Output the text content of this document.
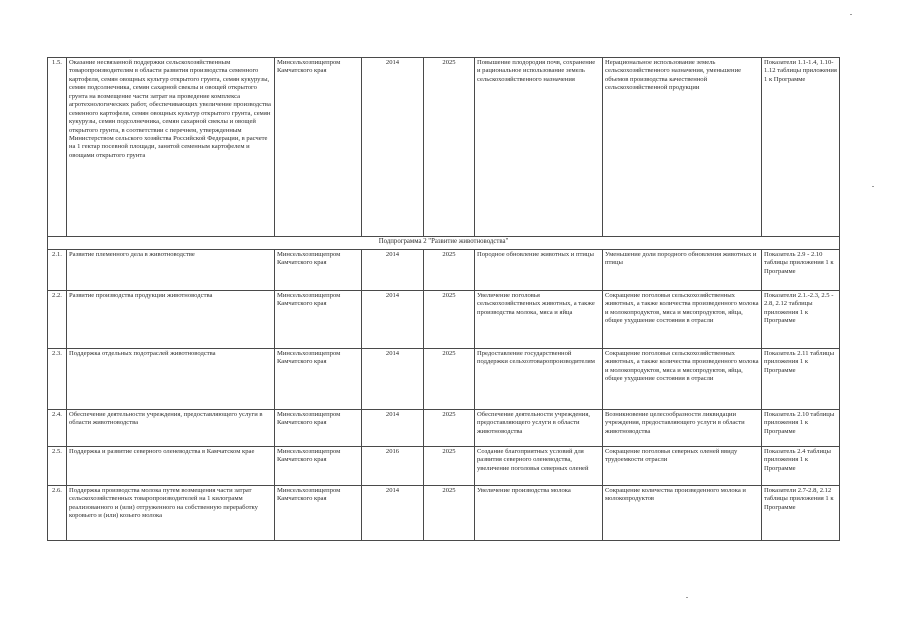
1.5.	Оказание несвязанной поддержки сельскохозяйственным товаропроизводителям в области развития производства семенного картофеля, семян овощных культур открытого грунта, семян кукурузы, семян подсолнечника, семян сахарной свеклы и овощей открытого грунта на возмещение части затрат на проведение комплекса агротехнологических работ, обеспечивающих увеличение производства семенного картофеля, семян овощных культур открытого грунта, семян кукурузы, семян подсолнечника, семян сахарной свеклы и овощей открытого грунта, в соответствии с перечнем, утвержденным Министерством сельского хозяйства Российской Федерации, в расчете на 1 гектар посевной площади, занятой семенным картофелем и овощами открытого грунта	Минсельхозпищепром Камчатского края	2014	2025	Повышение плодородия почв, сохранение и рациональное использование земель сельскохозяйственного назначения	Нерациональное использование земель сельскохозяйственного назначения, уменьшение объемов производства качественной сельскохозяйственной продукции	Показатели 1.1-1.4, 1.10-1.12 таблицы приложения 1 к Программе
Подпрограмма 2 "Развитие животноводства"							
2.1.	Развитие племенного дела в животноводстве	Минсельхозпищепром Камчатского края	2014	2025	Породное обновление животных и птицы	Уменьшение доли породного обновления животных и птицы	Показатель 2.9 - 2.10 таблицы приложения 1 к Программе
2.2.	Развитие производства продукции животноводства	Минсельхозпищепром Камчатского края	2014	2025	Увеличение поголовья сельскохозяйственных животных, а также производства молока, мяса и яйца	Сокращение поголовья сельскохозяйственных животных, а также количества произведенного молока и молокопродуктов, мяса и мясопродуктов, яйца, общее ухудшение состояния в отрасли	Показатели 2.1.-2.3, 2.5 - 2.8, 2.12 таблицы приложения 1 к Программе
2.3.	Поддержка отдельных подотраслей животноводства	Минсельхозпищепром Камчатского края	2014	2025	Предоставление государственной поддержки сельхозтоваропроизводителям	Сокращение поголовья сельскохозяйственных животных, а также количества произведенного молока и молокопродуктов, мяса и мясопродуктов, яйца, общее ухудшение состояния в отрасли	Показатель 2.11 таблицы приложения 1 к Программе
2.4.	Обеспечение деятельности учреждения, предоставляющего услуги в области животноводства	Минсельхозпищепром Камчатского края	2014	2025	Обеспечение деятельности учреждения, предоставляющего услуги в области животноводства	Возникновение целесообразности ликвидации учреждения, предоставляющего услуги в области животноводства	Показатель 2.10 таблицы приложения 1 к Программе
2.5.	Поддержка и развитие северного оленеводства в Камчатском крае	Минсельхозпищепром Камчатского края	2016	2025	Создание благоприятных условий для развития северного оленеводства, увеличение поголовья северных оленей	Сокращение поголовья северных оленей ввиду трудоемкости отрасли	Показатель 2.4 таблицы приложения 1 к Программе
2.6.	Поддержка производства молока путем возмещения части затрат сельскохозяйственных товаропроизводителей на 1 килограмм реализованного и (или) отгруженного на собственную переработку коровьего и (или) козьего молока	Минсельхозпищепром Камчатского края	2014	2025	Увеличение производства молока	Сокращение количества произведенного молока и молокопродуктов	Показатели 2.7-2.8, 2.12 таблицы приложения 1 к Программе
